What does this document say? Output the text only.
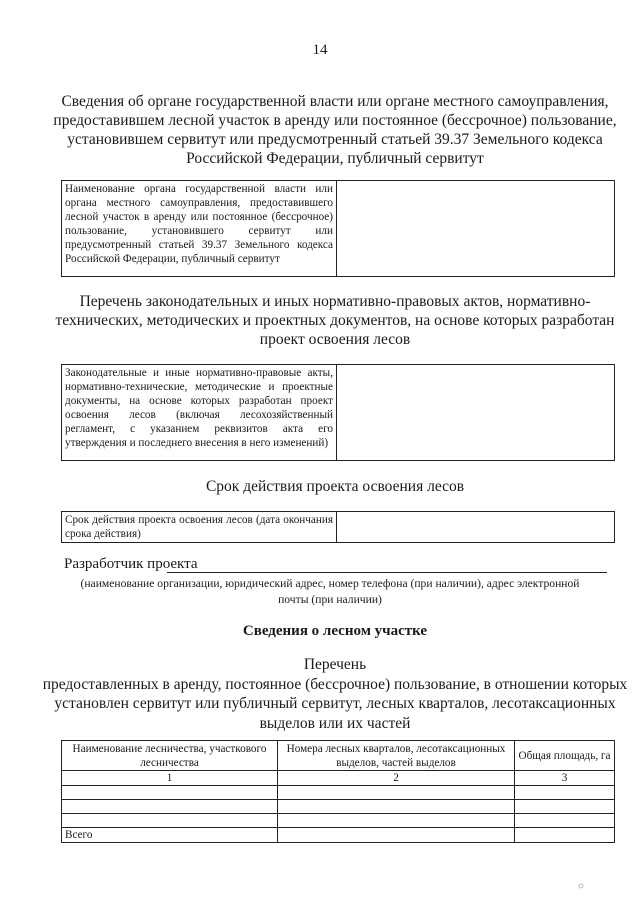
14
Сведения об органе государственной власти или органе местного самоуправления, предоставившем лесной участок в аренду или постоянное (бессрочное) пользование, установившем сервитут или предусмотренный статьей 39.37 Земельного кодекса Российской Федерации, публичный сервитут
Наименование органа государственной власти или органа местного самоуправления, предоставившего лесной участок в аренду или постоянное (бессрочное) пользование, установившего сервитут или предусмотренный статьей 39.37 Земельного кодекса Российской Федерации, публичный сервитут

Перечень законодательных и иных нормативно-правовых актов, нормативно-технических, методических и проектных документов, на основе которых разработан проект освоения лесов
Законодательные и иные нормативно-правовые акты, нормативно-технические, методические и проектные документы, на основе которых разработан проект освоения лесов (включая лесохозяйственный регламент, с указанием реквизитов акта его утверждения и последнего внесения в него изменений)

Срок действия проекта освоения лесов
Срок действия проекта освоения лесов (дата окончания срока действия)

Разработчик проекта
(наименование организации, юридический адрес, номер телефона (при наличии), адрес электронной почты (при наличии)
Сведения о лесном участке
Перечень
предоставленных в аренду, постоянное (бессрочное) пользование, в отношении которых установлен сервитут или публичный сервитут, лесных кварталов, лесотаксационных выделов или их частей
Наименование лесничества, участкового лесничества	Номера лесных кварталов, лесотаксационных выделов, частей выделов	Общая площадь, га
1	2	3

Всего		
